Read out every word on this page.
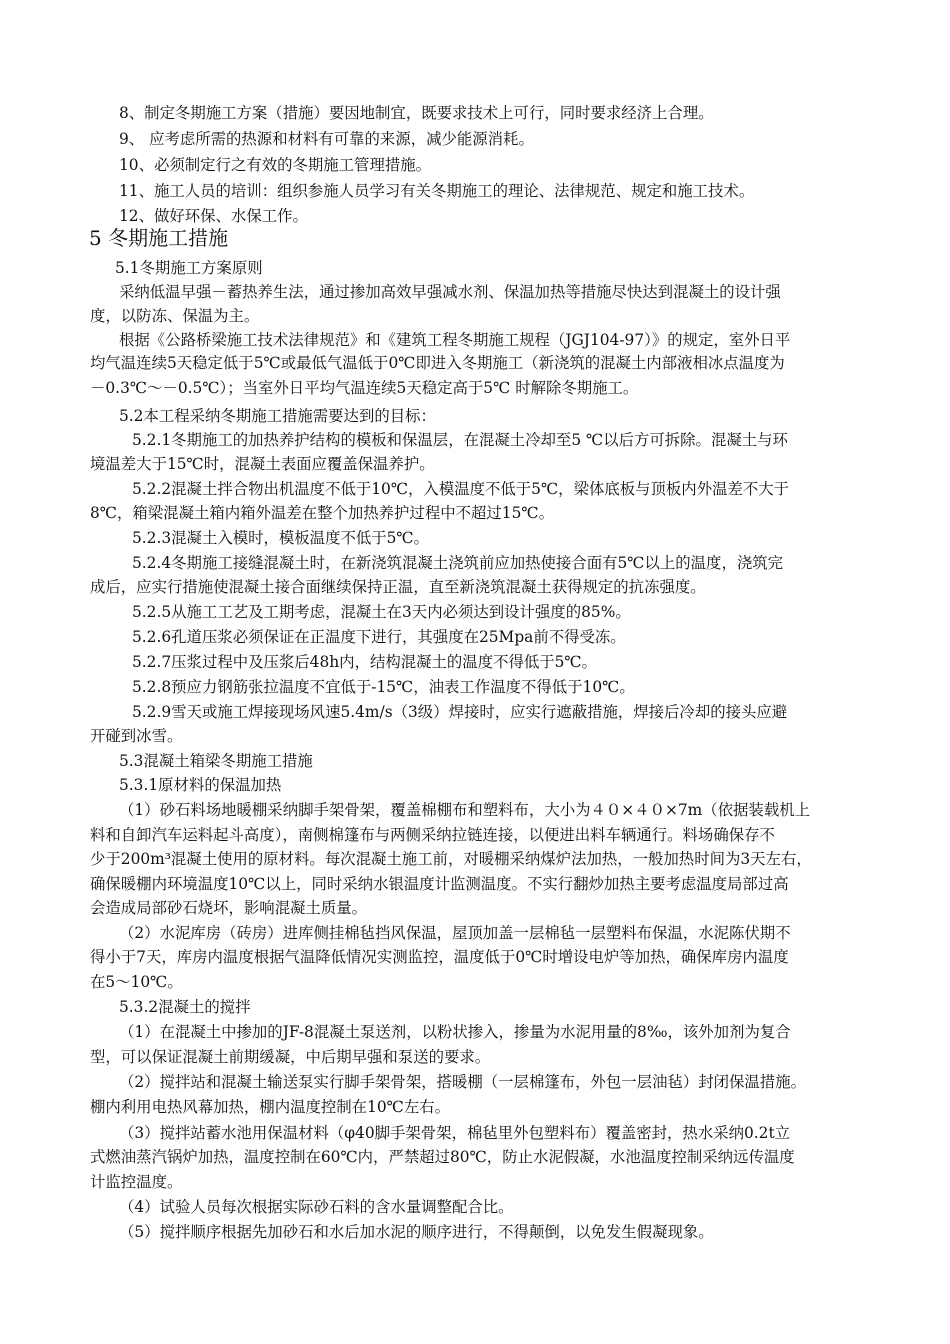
8、制定冬期施工方案（措施）要因地制宜，既要求技术上可行，同时要求经济上合理。
9、 应考虑所需的热源和材料有可靠的来源，减少能源消耗。
10、必须制定行之有效的冬期施工管理措施。
11、施工人员的培训：组织参施人员学习有关冬期施工的理论、法律规范、规定和施工技术。
12、做好环保、水保工作。
5 冬期施工措施
5.1冬期施工方案原则
采纳低温早强－蓄热养生法，通过掺加高效早强减水剂、保温加热等措施尽快达到混凝土的设计强
度，以防冻、保温为主。
根据《公路桥梁施工技术法律规范》和《建筑工程冬期施工规程（JGJ104-97）》的规定，室外日平
均气温连续5天稳定低于5℃或最低气温低于0℃即进入冬期施工（新浇筑的混凝土内部液相冰点温度为
－0.3℃～－0.5℃）；当室外日平均气温连续5天稳定高于5℃ 时解除冬期施工。
5.2本工程采纳冬期施工措施需要达到的目标：
5.2.1冬期施工的加热养护结构的模板和保温层，在混凝土冷却至5 ℃以后方可拆除。混凝土与环
境温差大于15℃时，混凝土表面应覆盖保温养护。
5.2.2混凝土拌合物出机温度不低于10℃，入模温度不低于5℃，梁体底板与顶板内外温差不大于
8℃，箱梁混凝土箱内箱外温差在整个加热养护过程中不超过15℃。
5.2.3混凝土入模时，模板温度不低于5℃。
5.2.4冬期施工接缝混凝土时，在新浇筑混凝土浇筑前应加热使接合面有5℃以上的温度，浇筑完
成后，应实行措施使混凝土接合面继续保持正温，直至新浇筑混凝土获得规定的抗冻强度。
5.2.5从施工工艺及工期考虑，混凝土在3天内必须达到设计强度的85%。
5.2.6孔道压浆必须保证在正温度下进行，其强度在25Mpa前不得受冻。
5.2.7压浆过程中及压浆后48h内，结构混凝土的温度不得低于5℃。
5.2.8预应力钢筋张拉温度不宜低于-15℃，油表工作温度不得低于10℃。
5.2.9雪天或施工焊接现场风速5.4m/s（3级）焊接时，应实行遮蔽措施，焊接后冷却的接头应避
开碰到冰雪。
5.3混凝土箱梁冬期施工措施
5.3.1原材料的保温加热
（1）砂石料场地暖棚采纳脚手架骨架，覆盖棉棚布和塑料布，大小为４０×４０×7m（依据装载机上
料和自卸汽车运料起斗高度），南侧棉篷布与两侧采纳拉链连接，以便进出料车辆通行。料场确保存不
少于200m³混凝土使用的原材料。每次混凝土施工前，对暖棚采纳煤炉法加热，一般加热时间为3天左右，
确保暖棚内环境温度10℃以上，同时采纳水银温度计监测温度。不实行翻炒加热主要考虑温度局部过高
会造成局部砂石烧坏，影响混凝土质量。
（2）水泥库房（砖房）进库侧挂棉毡挡风保温，屋顶加盖一层棉毡一层塑料布保温，水泥陈伏期不
得小于7天，库房内温度根据气温降低情况实测监控，温度低于0℃时增设电炉等加热，确保库房内温度
在5～10℃。
5.3.2混凝土的搅拌
（1）在混凝土中掺加的JF-8混凝土泵送剂，以粉状掺入，掺量为水泥用量的8‰，该外加剂为复合
型，可以保证混凝土前期缓凝，中后期早强和泵送的要求。
（2）搅拌站和混凝土输送泵实行脚手架骨架，搭暖棚（一层棉篷布，外包一层油毡）封闭保温措施。
棚内利用电热风幕加热，棚内温度控制在10℃左右。
（3）搅拌站蓄水池用保温材料（φ40脚手架骨架，棉毡里外包塑料布）覆盖密封，热水采纳0.2t立
式燃油蒸汽锅炉加热，温度控制在60℃内，严禁超过80℃，防止水泥假凝，水池温度控制采纳远传温度
计监控温度。
（4）试验人员每次根据实际砂石料的含水量调整配合比。
（5）搅拌顺序根据先加砂石和水后加水泥的顺序进行，不得颠倒，以免发生假凝现象。
